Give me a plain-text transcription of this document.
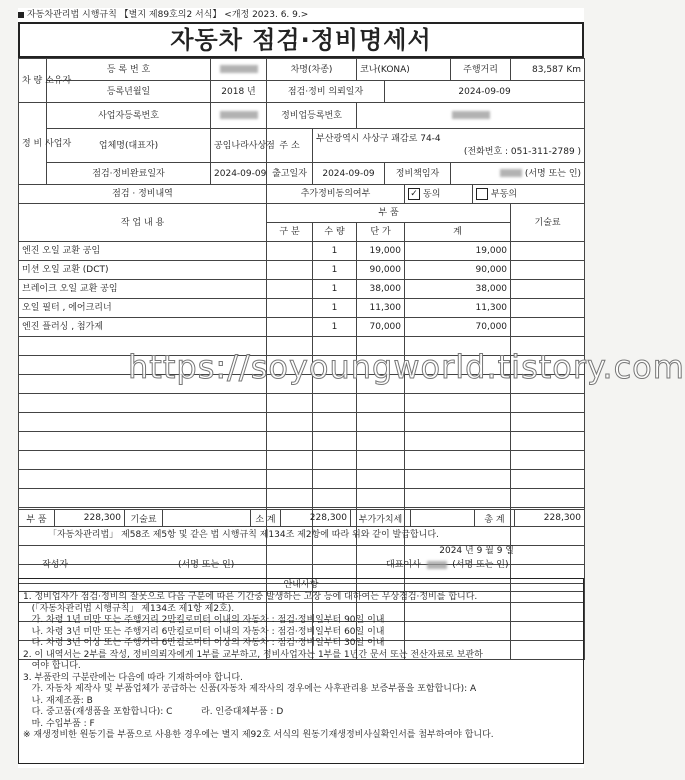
자동차관리법 시행규칙 【별지 제89호의2 서식】 <개정 2023. 6. 9.>
자동차 점검·정비명세서
차 량 소유자	등 록 번 호		차명(차종)		코나(KONA)			주행거리		83,587 Km
	등록년월일	2018 년	점검·정비 의뢰일자			2024-09-09				
정 비 사업자	사업자등록번호		정비업등록번호							
	업체명(대표자)	공임나라사상점	주 소	부산광역시 사상구 괘감로 74-4
(전화번호 : 051-311-2789 )						

	점검·정비완료일자	2024-09-09	출고일자	2024-09-09		정비책임자		(서명 또는 인)		
점검 · 정비내역			추가정비동의여부				✓ 동의		부동의	
작 업 내 용			부 품							기술료
			구 분	수 량	단 가		계			
엔진 오일 교환 공임				1	19,000		19,000			
미션 오일 교환 (DCT)				1	90,000		90,000			
브레이크 오일 교환 공임				1	38,000		38,000			
오일 필터 , 에어크리너				1	11,300		11,300			
엔진 플러싱 , 첨가제				1	70,000		70,000			

부 품	228,300	기술료		소 계	228,300	부가가치세		총 계	228,300
「자동차관리법」 제58조 제5항 및 같은 법 시행규칙 제134조 제2항에 따라 위와 같이 발급합니다.
2024 년 9 월 9 일
작성자	(서명 또는 인)	대표이사	(서명 또는 인)
안내사항
1. 정비업자가 점검·정비의 잘못으로 다음 구분에 따른 기간중 발생하는 고장 등에 대하여는 무상점검·정비를 합니다.
(「자동차관리법 시행규칙」 제134조 제1항 제2호).
가. 차령 1년 미만 또는 주행거리 2만킬로미터 이내의 자동차 : 점검·정비일부터 90일 이내
나. 차령 3년 미만 또는 주행거리 6만킬로미터 이내의 자동차 : 점검·정비일부터 60일 이내
다. 차령 3년 이상 또는 주행거리 6만킬로미터 이상의 자동차 : 점검·정비일부터 30일 이내
2. 이 내역서는 2부를 작성, 정비의뢰자에게 1부를 교부하고, 정비사업자는 1부를 1년간 문서 또는 전산자료로 보관하
여야 합니다.
3. 부품란의 구분란에는 다음에 따라 기재하여야 합니다.
가. 자동차 제작사 및 부품업체가 공급하는 신품(자동차 제작사의 경우에는 사후관리용 보증부품을 포함합니다): A
나. 재제조품: B
다. 중고품(재생품을 포함합니다): C          라. 인증대체부품 : D
마. 수입부품 : F
※ 재생정비한 원동기를 부품으로 사용한 경우에는 별지 제92호 서식의 원동기재생정비사실확인서를 첨부하여야 합니다.
https://soyoungworld.tistory.com
